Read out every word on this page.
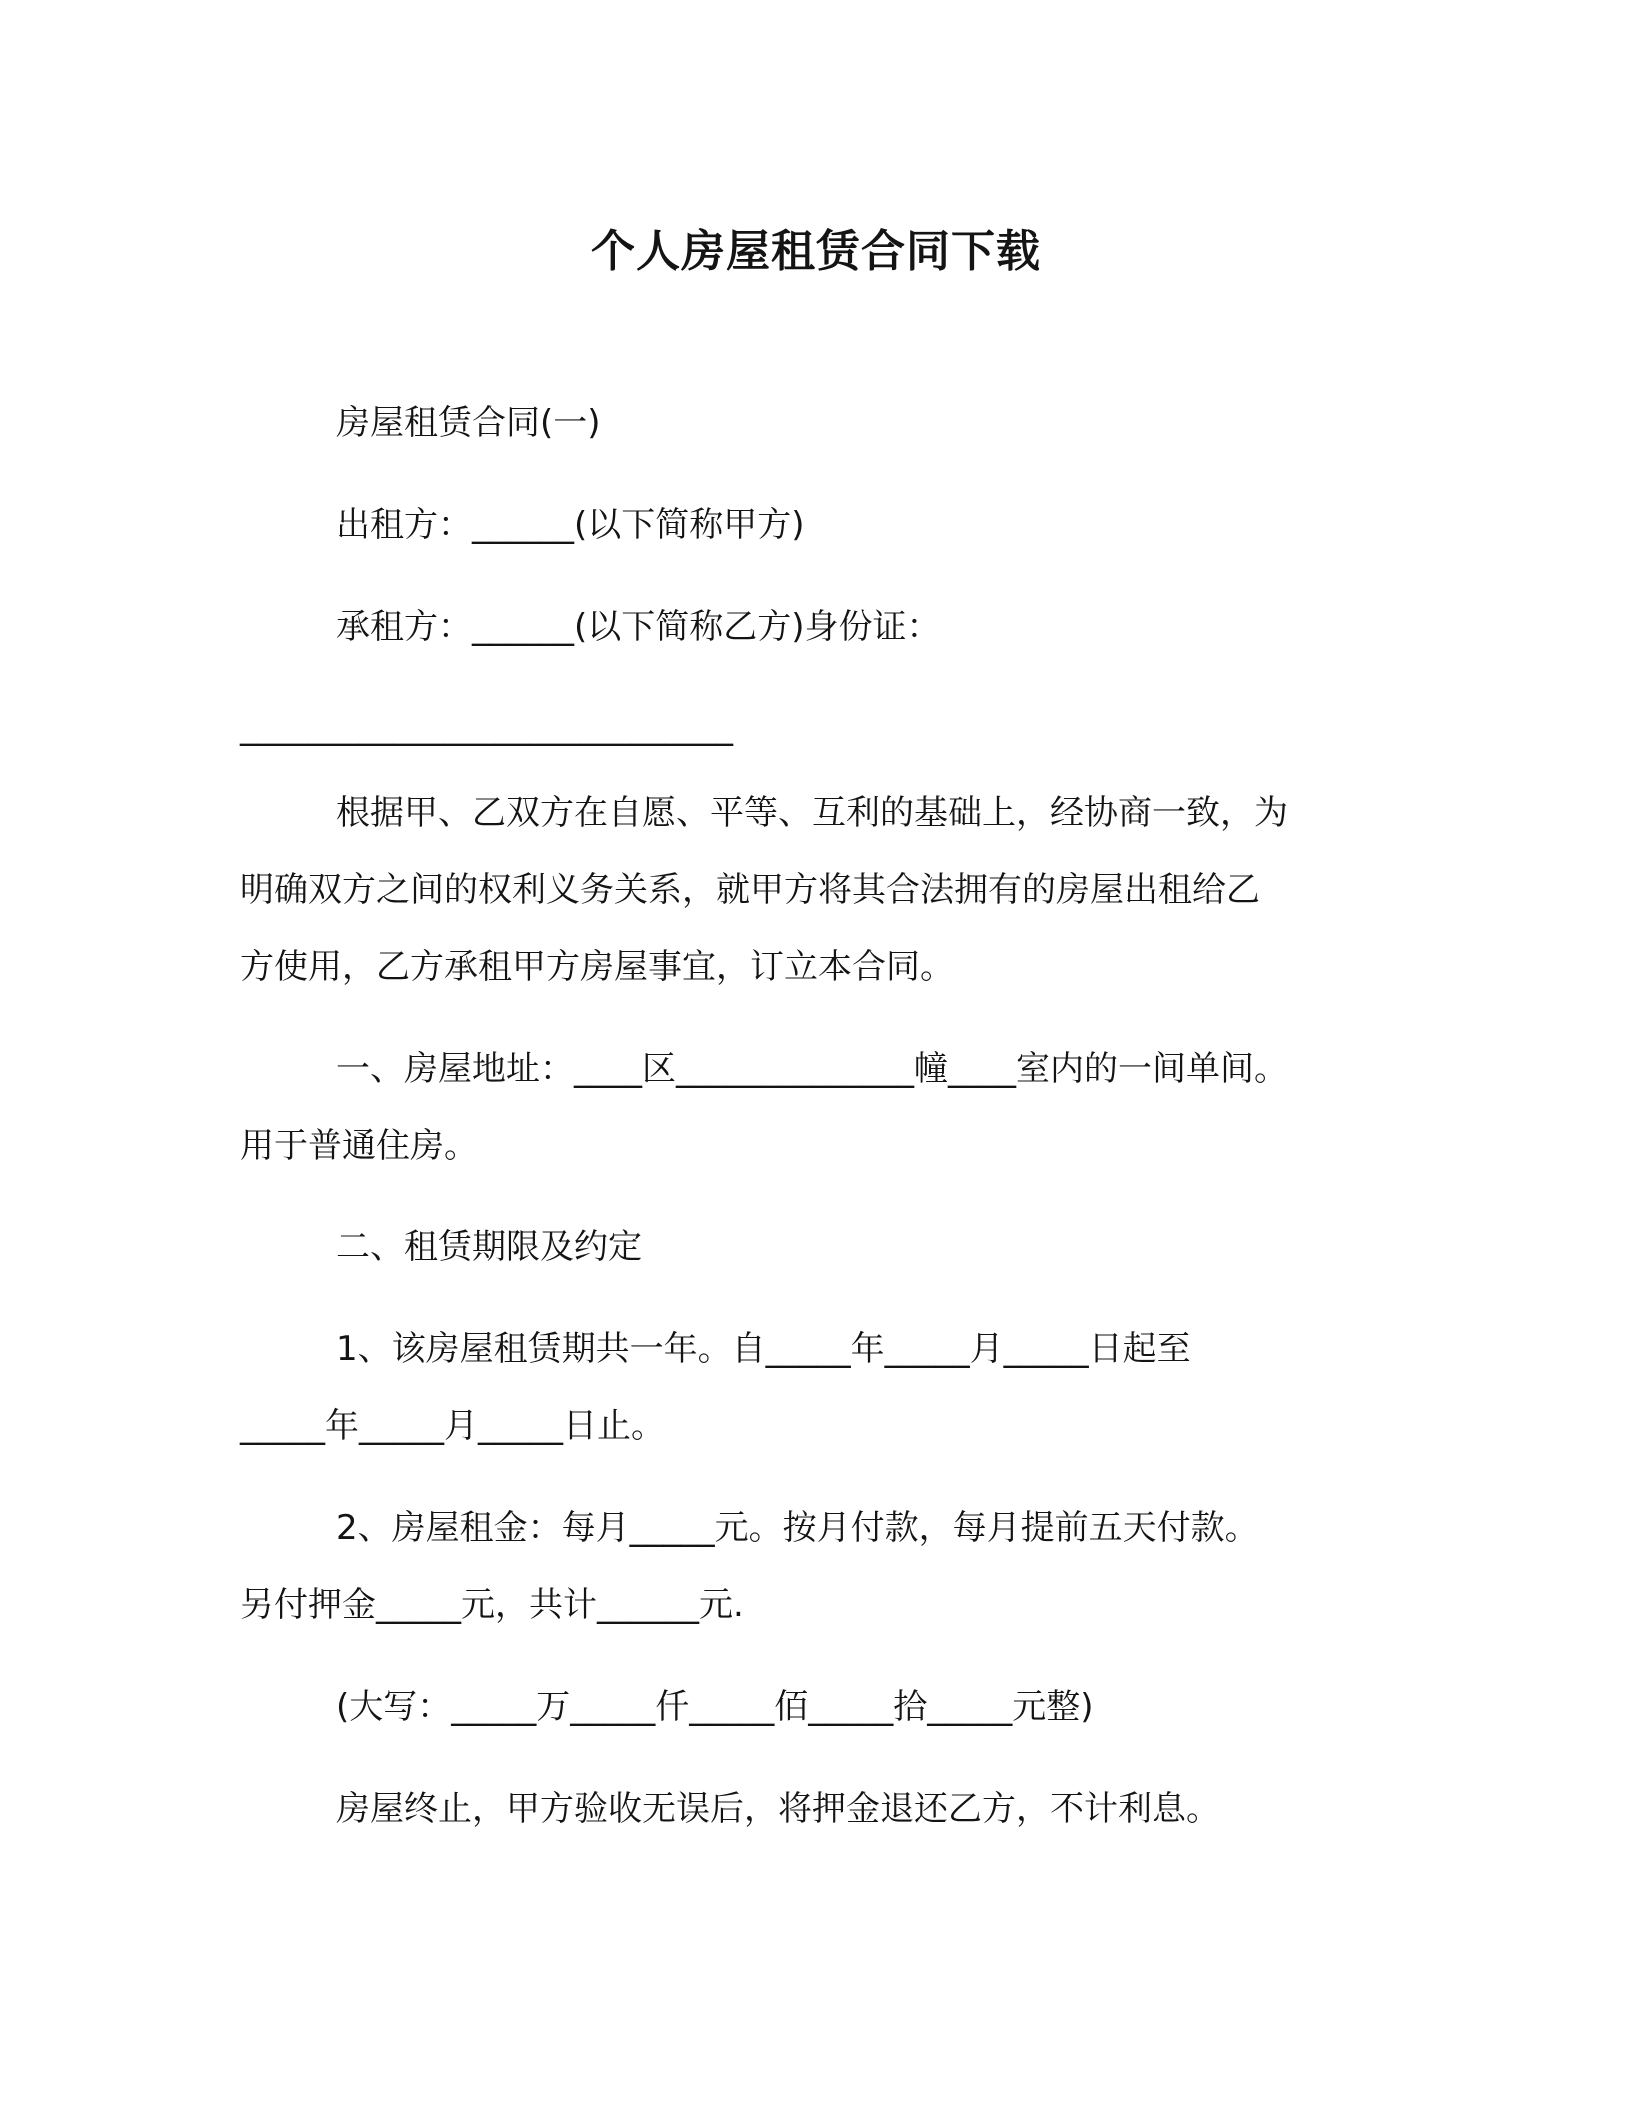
个人房屋租赁合同下载
房屋租赁合同(一)
出租方：______(以下简称甲方)
承租方：______(以下简称乙方)身份证：
_____________________________
根据甲、乙双方在自愿、平等、互利的基础上，经协商一致，为
明确双方之间的权利义务关系，就甲方将其合法拥有的房屋出租给乙
方使用，乙方承租甲方房屋事宜，订立本合同。
一、房屋地址：____区______________幢____室内的一间单间。
用于普通住房。
二、租赁期限及约定
1、该房屋租赁期共一年。自_____年_____月_____日起至
_____年_____月_____日止。
2、房屋租金：每月_____元。按月付款，每月提前五天付款。
另付押金_____元，共计______元.
(大写：_____万_____仟_____佰_____拾_____元整)
房屋终止，甲方验收无误后，将押金退还乙方，不计利息。
